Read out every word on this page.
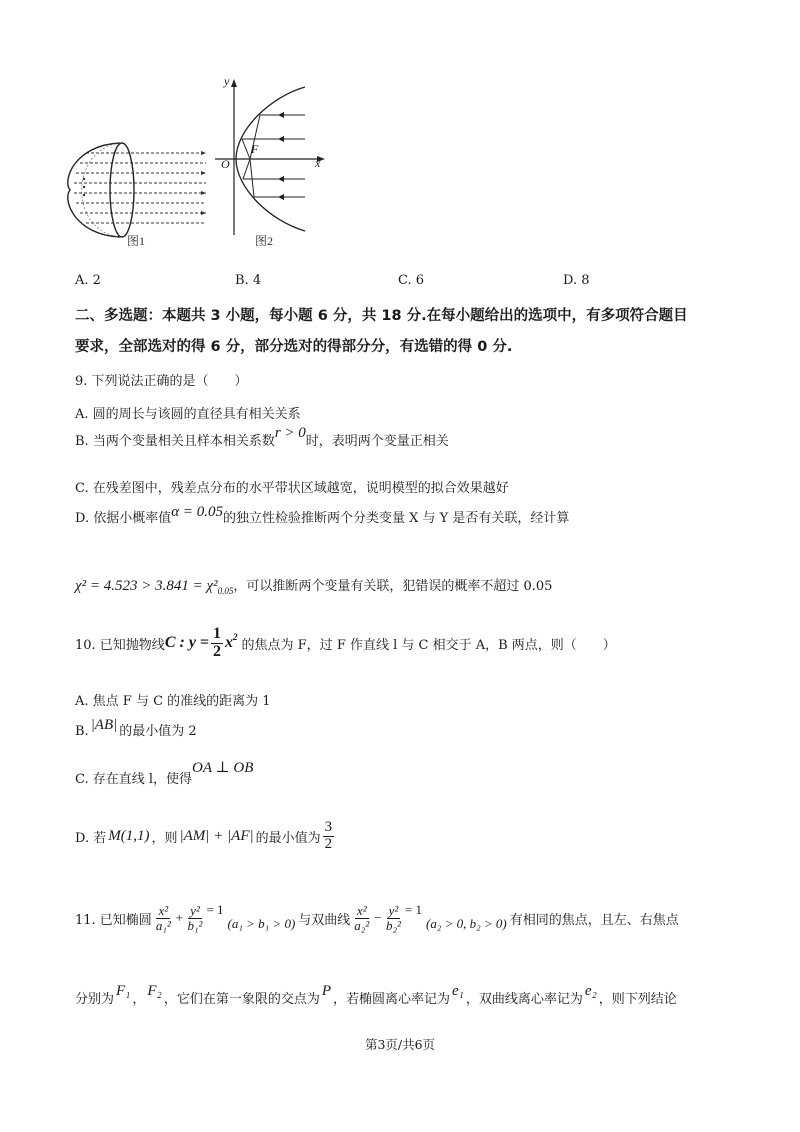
图1
y
x
O
F
图2
A. 2	B. 4	C. 6	D. 8
二、多选题：本题共 3 小题，每小题 6 分，共 18 分.在每小题给出的选项中，有多项符合题目
要求，全部选对的得 6 分，部分选对的得部分分，有选错的得 0 分.
9. 下列说法正确的是（　　）
A. 圆的周长与该圆的直径具有相关关系
B. 当两个变量相关且样本相关系数r > 0时，表明两个变量正相关
C. 在残差图中，残差点分布的水平带状区域越宽，说明模型的拟合效果越好
D. 依据小概率值α = 0.05的独立性检验推断两个分类变量 X 与 Y 是否有关联，经计算
$\chi^2 = 4.523 > 3.841 = \chi^2_{0.05}$，可以推断两个变量有关联，犯错误的概率不超过 0.05
10. 已知抛物线 C : $y = \frac{1}{2} x^2$
的焦点为 F，过 F 作直线 l 与 C 相交于 A，B 两点，则（　　）
A. 焦点 F 与 C 的准线的距离为 1
B. |AB| 的最小值为 2
C. 存在直线 l，使得OA ⊥ OB
D. 若 M(1,1) ，则 |AM| + |AF| 的最小值为 $\frac{3}{2}$
11. 已知椭圆 $\frac{\text{x²}}{\text{a₁²}} + \frac{\text{y²}}{\text{b₁²}} = 1$
(a₁ > b₁ > 0) 与双曲线 $\frac{\text{x²}}{\text{a₂²}} - \frac{\text{y²}}{\text{b₂²}} = 1$
(a₂ > 0, b₂ > 0) 有相同的焦点，且左、右焦点
分别为F₁，F₂，它们在第一象限的交点为P，若椭圆离心率记为e₁，双曲线离心率记为e₂，则下列结论
第3页/共6页
